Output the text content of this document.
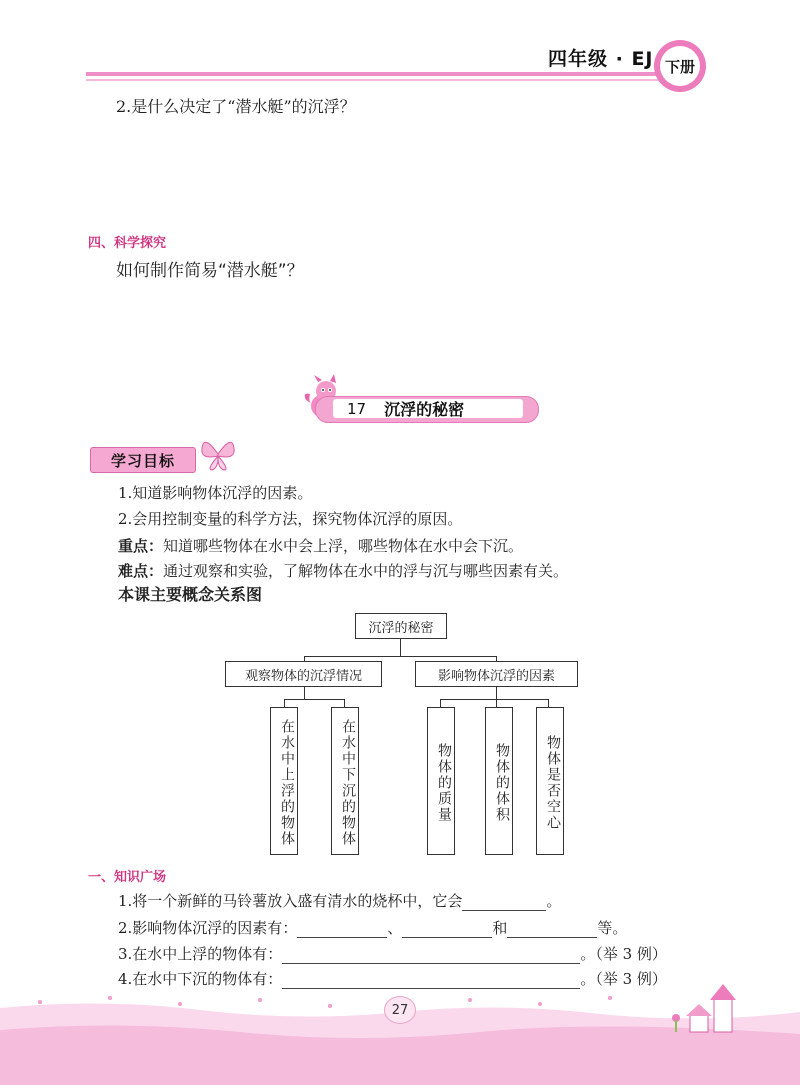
四年级 · EJ 下册
2.是什么决定了“潜水艇”的沉浮？
四、科学探究
如何制作简易“潜水艇”？
17 沉浮的秘密
学习目标
1.知道影响物体沉浮的因素。
2.会用控制变量的科学方法，探究物体沉浮的原因。
重点：知道哪些物体在水中会上浮，哪些物体在水中会下沉。
难点：通过观察和实验，了解物体在水中的浮与沉与哪些因素有关。
本课主要概念关系图
沉浮的秘密
观察物体的沉浮情况	影响物体沉浮的因素
在水中上浮的物体	在水中下沉的物体	物体的质量	物体的体积	物体是否空心
一、知识广场
1.将一个新鲜的马铃薯放入盛有清水的烧杯中，它会	。
2.影响物体沉浮的因素有：	、	和	等。
3.在水中上浮的物体有：	。（举 3 例）
4.在水中下沉的物体有：	。（举 3 例）
27
